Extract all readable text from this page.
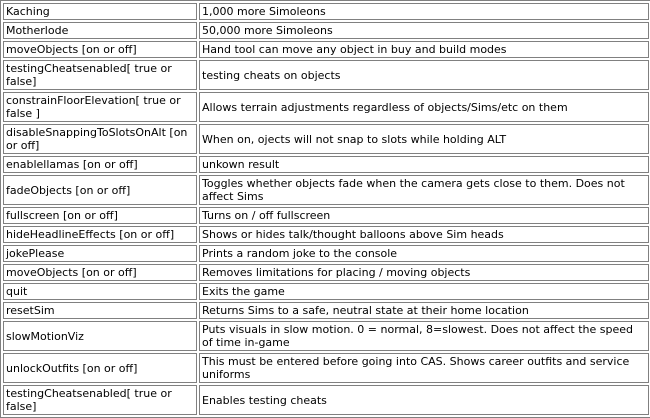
Kaching	1,000 more Simoleons
Motherlode	50,000 more Simoleons
moveObjects [on or off]	Hand tool can move any object in buy and build modes
testingCheatsenabled[ true or false]	testing cheats on objects
constrainFloorElevation[ true or false ]	Allows terrain adjustments regardless of objects/Sims/etc on them
disableSnappingToSlotsOnAlt [on or off]	When on, ojects will not snap to slots while holding ALT
enablellamas [on or off]	unkown result
fadeObjects [on or off]	Toggles whether objects fade when the camera gets close to them. Does not affect Sims
fullscreen [on or off]	Turns on / off fullscreen
hideHeadlineEffects [on or off]	Shows or hides talk/thought balloons above Sim heads
jokePlease	Prints a random joke to the console
moveObjects [on or off]	Removes limitations for placing / moving objects
quit	Exits the game
resetSim	Returns Sims to a safe, neutral state at their home location
slowMotionViz	Puts visuals in slow motion. 0 = normal, 8=slowest. Does not affect the speed of time in-game
unlockOutfits [on or off]	This must be entered before going into CAS. Shows career outfits and service uniforms
testingCheatsenabled[ true or false]	Enables testing cheats
